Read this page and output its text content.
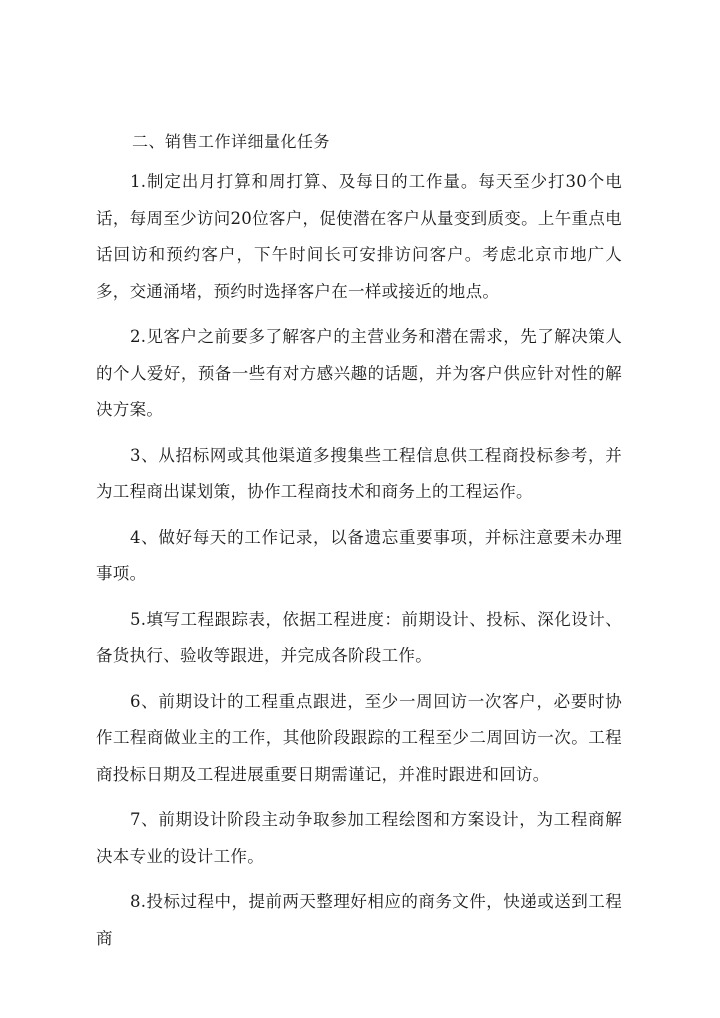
二、销售工作详细量化任务

1.制定出月打算和周打算、及每日的工作量。每天至少打30个电话，每周至少访问20位客户，促使潜在客户从量变到质变。上午重点电话回访和预约客户，下午时间长可安排访问客户。考虑北京市地广人多，交通涌堵，预约时选择客户在一样或接近的地点。

2.见客户之前要多了解客户的主营业务和潜在需求，先了解决策人的个人爱好，预备一些有对方感兴趣的话题，并为客户供应针对性的解决方案。

3、从招标网或其他渠道多搜集些工程信息供工程商投标参考，并为工程商出谋划策，协作工程商技术和商务上的工程运作。

4、做好每天的工作记录，以备遗忘重要事项，并标注意要未办理事项。

5.填写工程跟踪表，依据工程进度：前期设计、投标、深化设计、备货执行、验收等跟进，并完成各阶段工作。

6、前期设计的工程重点跟进，至少一周回访一次客户，必要时协作工程商做业主的工作，其他阶段跟踪的工程至少二周回访一次。工程商投标日期及工程进展重要日期需谨记，并准时跟进和回访。

7、前期设计阶段主动争取参加工程绘图和方案设计，为工程商解决本专业的设计工作。

8.投标过程中，提前两天整理好相应的商务文件，快递或送到工程商
